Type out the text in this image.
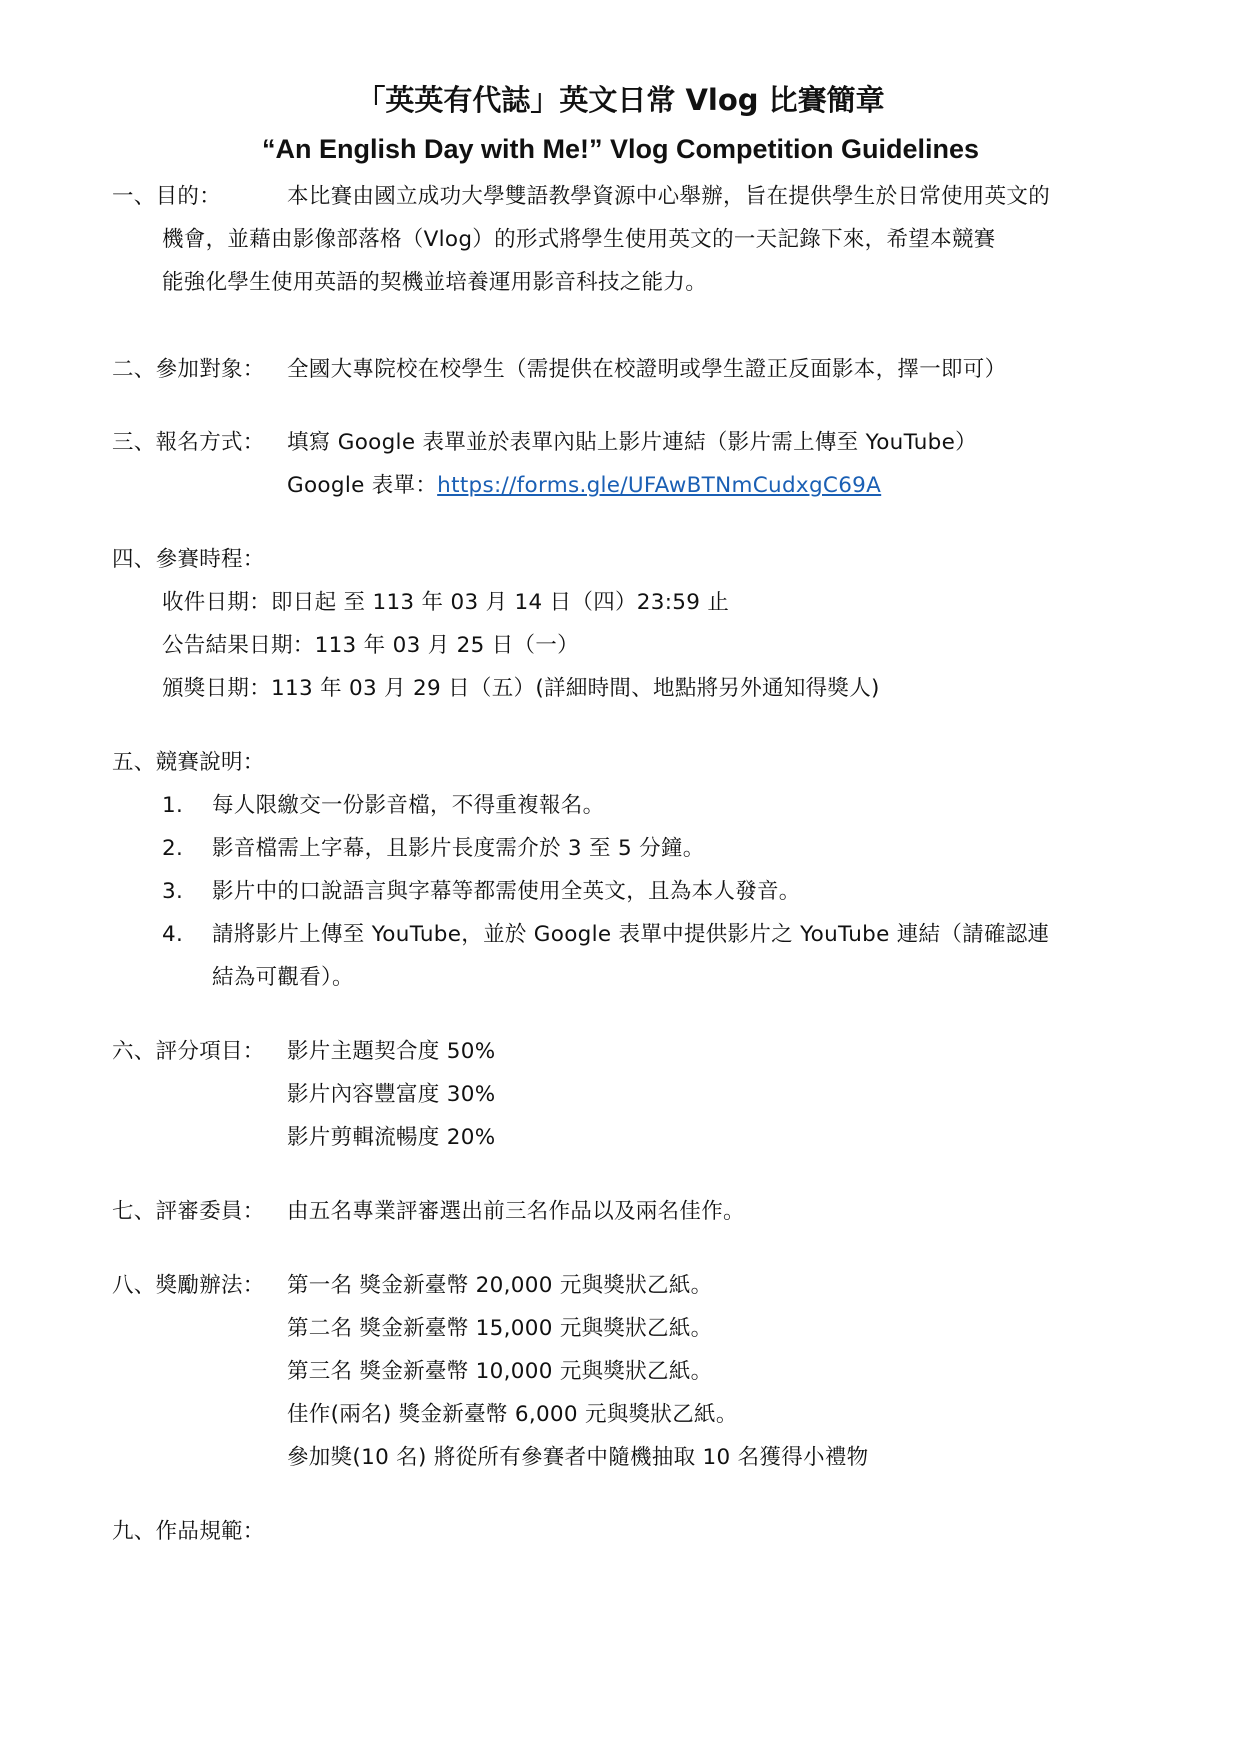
「英英有代誌」英文日常 Vlog 比賽簡章
“An English Day with Me!” Vlog Competition Guidelines
一、目的：	本比賽由國立成功大學雙語教學資源中心舉辦，旨在提供學生於日常使用英文的
機會，並藉由影像部落格（Vlog）的形式將學生使用英文的一天記錄下來，希望本競賽
能強化學生使用英語的契機並培養運用影音科技之能力。
二、參加對象： 全國大專院校在校學生（需提供在校證明或學生證正反面影本，擇一即可）
三、報名方式： 填寫 Google 表單並於表單內貼上影片連結（影片需上傳至 YouTube）
Google 表單：https://forms.gle/UFAwBTNmCudxgC69A
四、參賽時程：
收件日期：即日起 至 113 年 03 月 14 日（四）23:59 止
公告結果日期：113 年 03 月 25 日（一）
頒獎日期：113 年 03 月 29 日（五）(詳細時間、地點將另外通知得獎人)
五、競賽說明：
1. 每人限繳交一份影音檔，不得重複報名。
2. 影音檔需上字幕，且影片長度需介於 3 至 5 分鐘。
3. 影片中的口說語言與字幕等都需使用全英文，且為本人發音。
4. 請將影片上傳至 YouTube，並於 Google 表單中提供影片之 YouTube 連結（請確認連
結為可觀看）。
六、評分項目： 影片主題契合度 50%
影片內容豐富度 30%
影片剪輯流暢度 20%
七、評審委員： 由五名專業評審選出前三名作品以及兩名佳作。
八、獎勵辦法： 第一名 獎金新臺幣 20,000 元與獎狀乙紙。
第二名 獎金新臺幣 15,000 元與獎狀乙紙。
第三名 獎金新臺幣 10,000 元與獎狀乙紙。
佳作(兩名) 獎金新臺幣 6,000 元與獎狀乙紙。
參加獎(10 名) 將從所有參賽者中隨機抽取 10 名獲得小禮物
九、作品規範：
